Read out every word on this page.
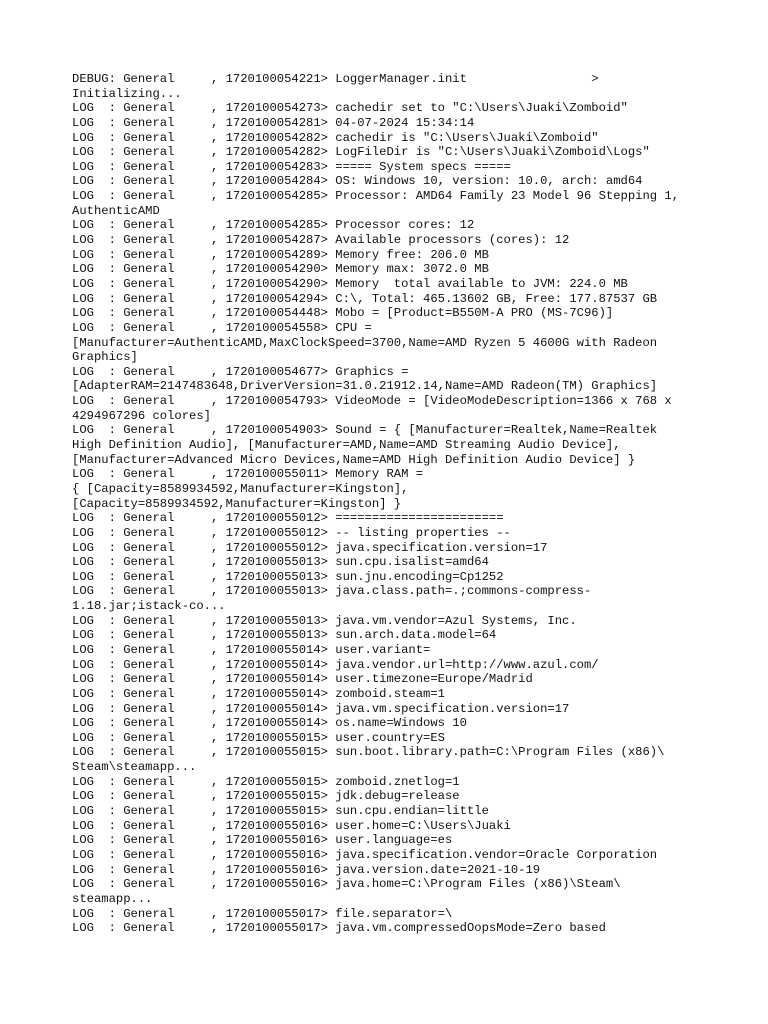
DEBUG: General     , 1720100054221> LoggerManager.init                 >
Initializing...
LOG  : General     , 1720100054273> cachedir set to "C:\Users\Juaki\Zomboid"
LOG  : General     , 1720100054281> 04-07-2024 15:34:14
LOG  : General     , 1720100054282> cachedir is "C:\Users\Juaki\Zomboid"
LOG  : General     , 1720100054282> LogFileDir is "C:\Users\Juaki\Zomboid\Logs"
LOG  : General     , 1720100054283> ===== System specs =====
LOG  : General     , 1720100054284> OS: Windows 10, version: 10.0, arch: amd64
LOG  : General     , 1720100054285> Processor: AMD64 Family 23 Model 96 Stepping 1,
AuthenticAMD
LOG  : General     , 1720100054285> Processor cores: 12
LOG  : General     , 1720100054287> Available processors (cores): 12
LOG  : General     , 1720100054289> Memory free: 206.0 MB
LOG  : General     , 1720100054290> Memory max: 3072.0 MB
LOG  : General     , 1720100054290> Memory  total available to JVM: 224.0 MB
LOG  : General     , 1720100054294> C:\, Total: 465.13602 GB, Free: 177.87537 GB
LOG  : General     , 1720100054448> Mobo = [Product=B550M-A PRO (MS-7C96)]
LOG  : General     , 1720100054558> CPU =
[Manufacturer=AuthenticAMD,MaxClockSpeed=3700,Name=AMD Ryzen 5 4600G with Radeon
Graphics]
LOG  : General     , 1720100054677> Graphics =
[AdapterRAM=2147483648,DriverVersion=31.0.21912.14,Name=AMD Radeon(TM) Graphics]
LOG  : General     , 1720100054793> VideoMode = [VideoModeDescription=1366 x 768 x
4294967296 colores]
LOG  : General     , 1720100054903> Sound = { [Manufacturer=Realtek,Name=Realtek
High Definition Audio], [Manufacturer=AMD,Name=AMD Streaming Audio Device],
[Manufacturer=Advanced Micro Devices,Name=AMD High Definition Audio Device] }
LOG  : General     , 1720100055011> Memory RAM =
{ [Capacity=8589934592,Manufacturer=Kingston],
[Capacity=8589934592,Manufacturer=Kingston] }
LOG  : General     , 1720100055012> =======================
LOG  : General     , 1720100055012> -- listing properties --
LOG  : General     , 1720100055012> java.specification.version=17
LOG  : General     , 1720100055013> sun.cpu.isalist=amd64
LOG  : General     , 1720100055013> sun.jnu.encoding=Cp1252
LOG  : General     , 1720100055013> java.class.path=.;commons-compress-
1.18.jar;istack-co...
LOG  : General     , 1720100055013> java.vm.vendor=Azul Systems, Inc.
LOG  : General     , 1720100055013> sun.arch.data.model=64
LOG  : General     , 1720100055014> user.variant=
LOG  : General     , 1720100055014> java.vendor.url=http://www.azul.com/
LOG  : General     , 1720100055014> user.timezone=Europe/Madrid
LOG  : General     , 1720100055014> zomboid.steam=1
LOG  : General     , 1720100055014> java.vm.specification.version=17
LOG  : General     , 1720100055014> os.name=Windows 10
LOG  : General     , 1720100055015> user.country=ES
LOG  : General     , 1720100055015> sun.boot.library.path=C:\Program Files (x86)\
Steam\steamapp...
LOG  : General     , 1720100055015> zomboid.znetlog=1
LOG  : General     , 1720100055015> jdk.debug=release
LOG  : General     , 1720100055015> sun.cpu.endian=little
LOG  : General     , 1720100055016> user.home=C:\Users\Juaki
LOG  : General     , 1720100055016> user.language=es
LOG  : General     , 1720100055016> java.specification.vendor=Oracle Corporation
LOG  : General     , 1720100055016> java.version.date=2021-10-19
LOG  : General     , 1720100055016> java.home=C:\Program Files (x86)\Steam\
steamapp...
LOG  : General     , 1720100055017> file.separator=\
LOG  : General     , 1720100055017> java.vm.compressedOopsMode=Zero based
